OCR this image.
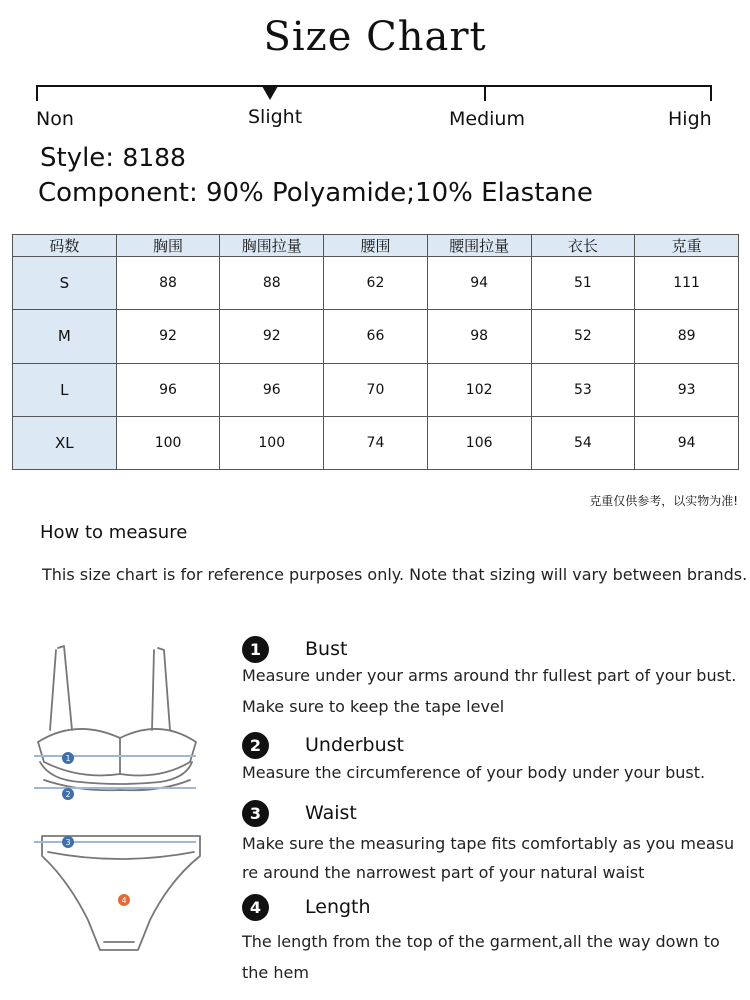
Size Chart
Non	Slight	Medium	High
Style: 8188
Component: 90% Polyamide;10% Elastane
码数	胸围	胸围拉量	腰围	腰围拉量	衣长	克重
S	88	88	62	94	51	111
M	92	92	66	98	52	89
L	96	96	70	102	53	93
XL	100	100	74	106	54	94
克重仅供参考，以实物为准!
How to measure
This size chart is for reference purposes only. Note that sizing will vary between brands.
1
2
3
4
1	Bust
Measure under your arms around thr fullest part of your bust.
Make sure to keep the tape level
2	Underbust
Measure the circumference of your body under your bust.
3	Waist
Make sure the measuring tape fits comfortably as you measu
re around the narrowest part of your natural waist
4	Length
The length from the top of the garment,all the way down to
the hem
